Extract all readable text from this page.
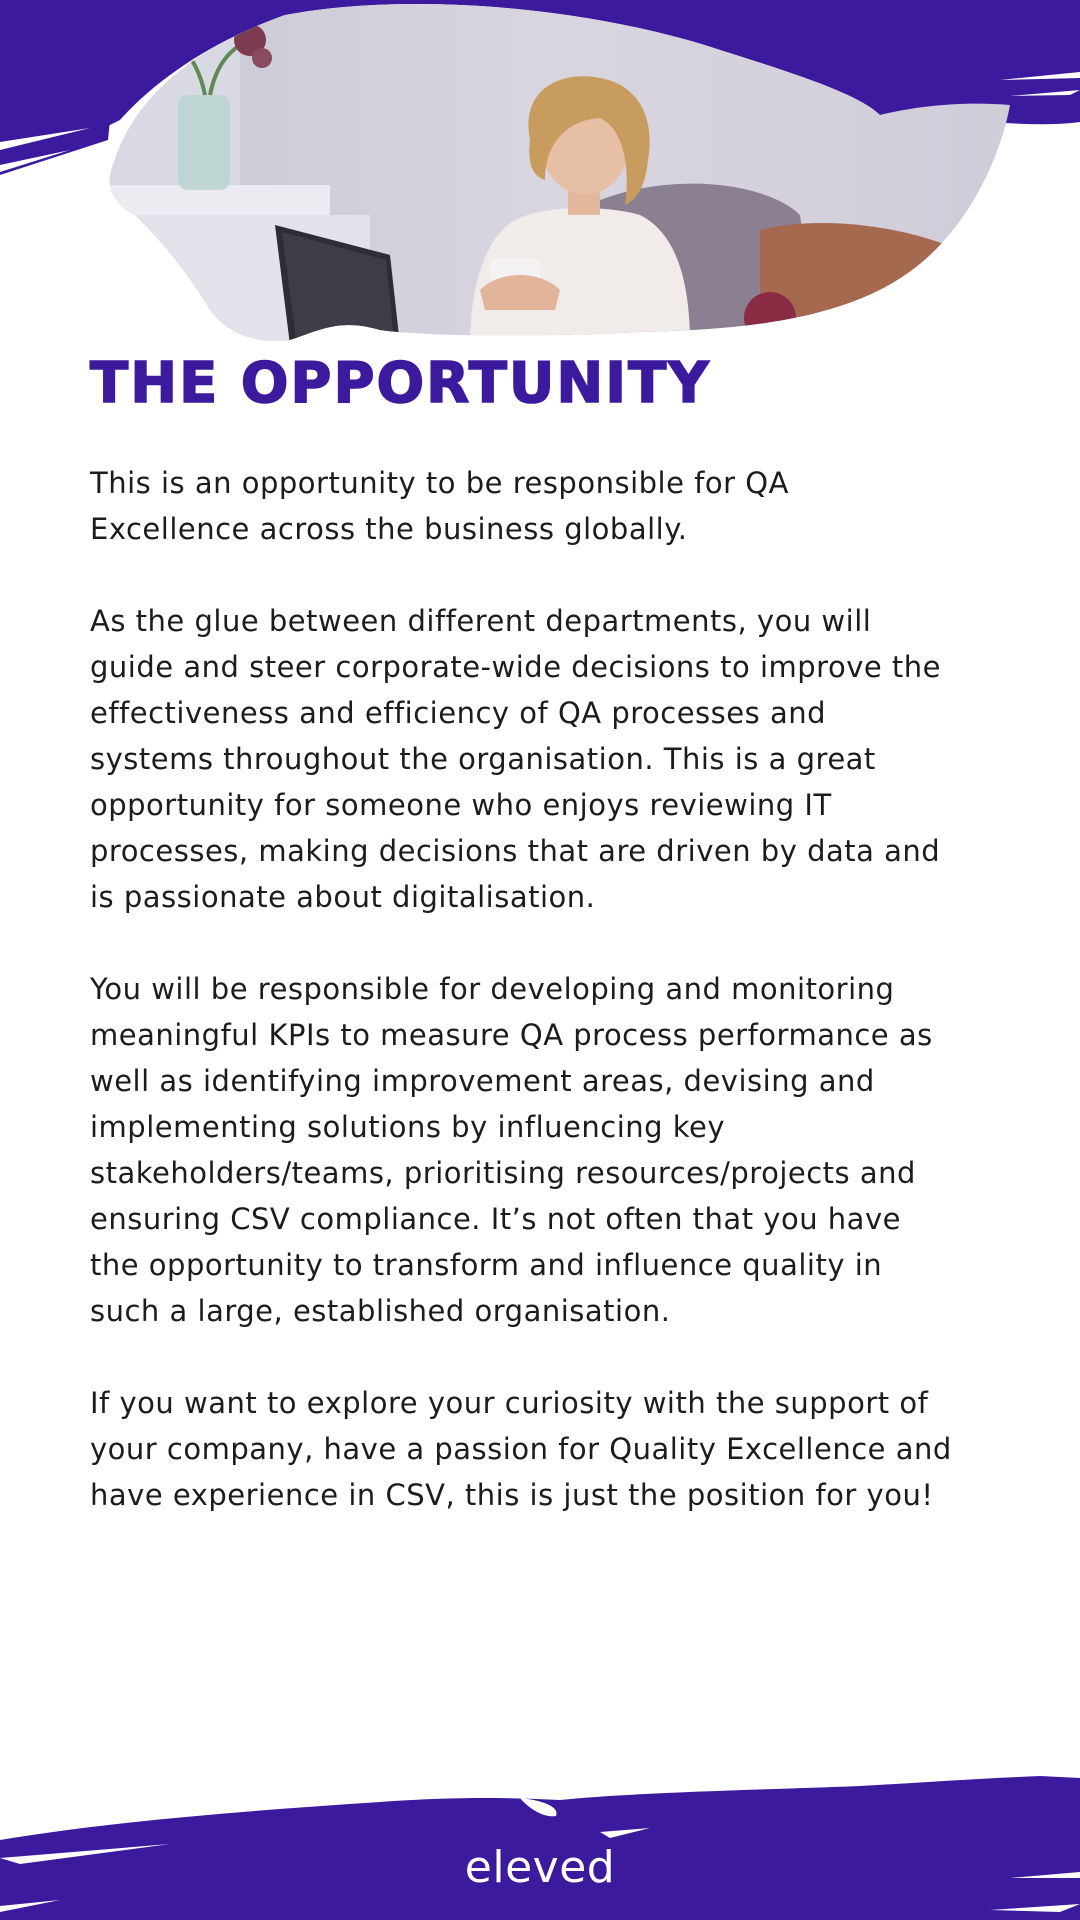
THE OPPORTUNITY

This is an opportunity to be responsible for QA
Excellence across the business globally.

As the glue between different departments, you will
guide and steer corporate-wide decisions to improve the
effectiveness and efficiency of QA processes and
systems throughout the organisation. This is a great
opportunity for someone who enjoys reviewing IT
processes, making decisions that are driven by data and
is passionate about digitalisation.

You will be responsible for developing and monitoring
meaningful KPIs to measure QA process performance as
well as identifying improvement areas, devising and
implementing solutions by influencing key
stakeholders/teams, prioritising resources/projects and
ensuring CSV compliance. It’s not often that you have
the opportunity to transform and influence quality in
such a large, established organisation.

If you want to explore your curiosity with the support of
your company, have a passion for Quality Excellence and
have experience in CSV, this is just the position for you!

eleved
